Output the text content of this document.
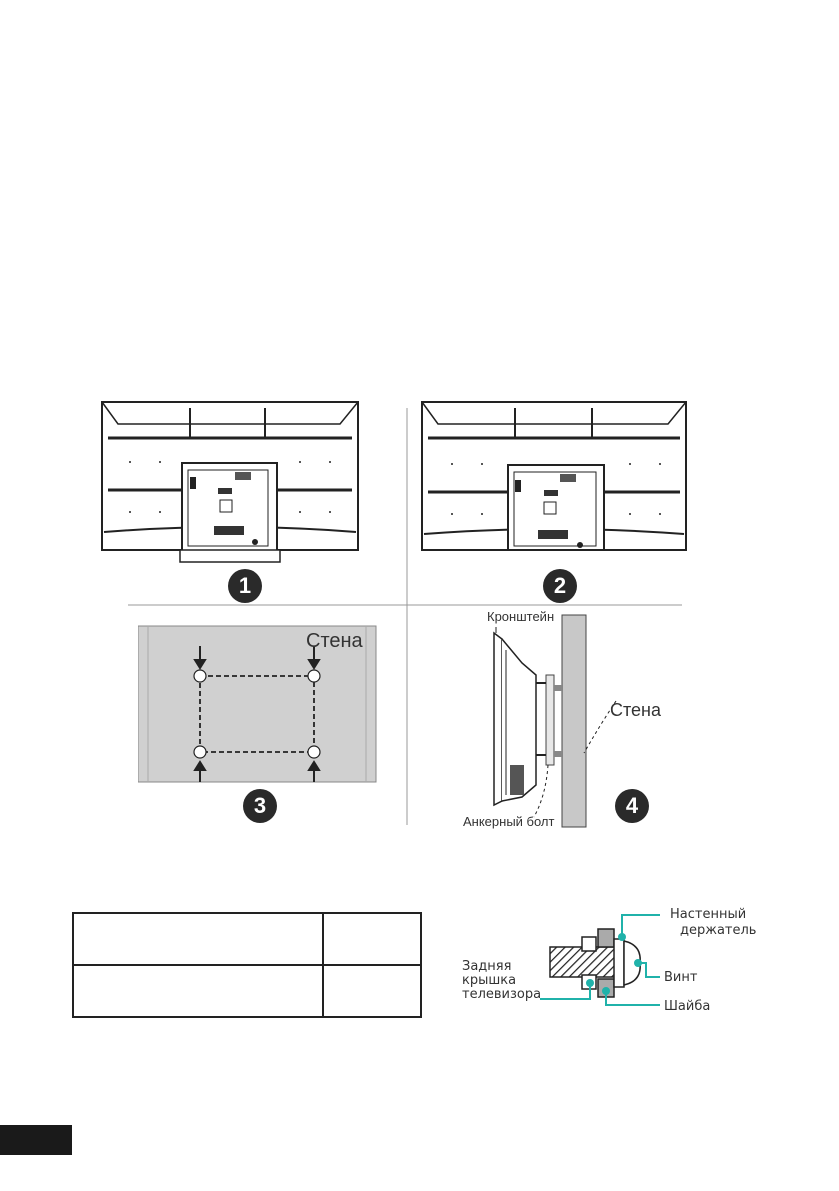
Стена
Кронштейн
Стена
Анкерный болт
1	2
3	4

Настенный
держатель
Винт
Шайба
Задняя
крышка
телевизора
